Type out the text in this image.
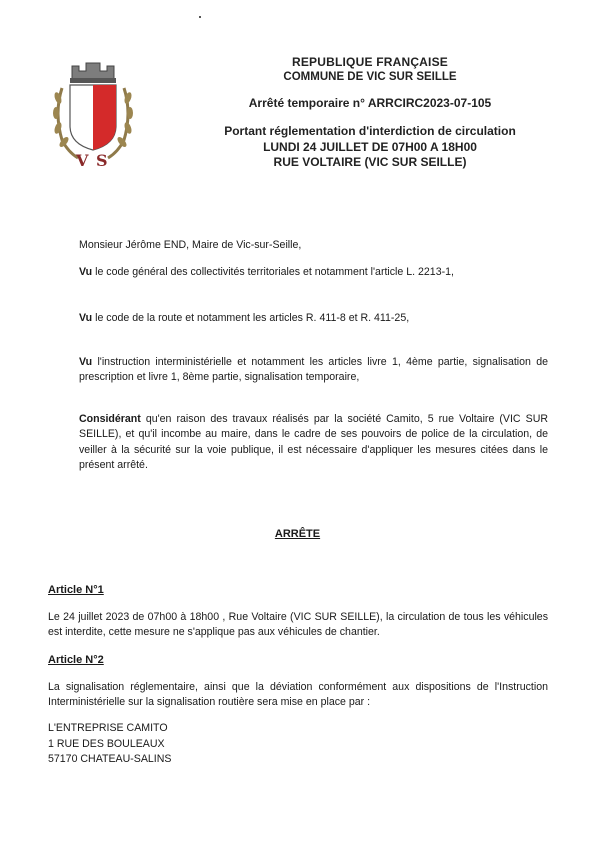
V S
REPUBLIQUE FRANÇAISE
COMMUNE DE VIC SUR SEILLE
Arrêté temporaire n° ARRCIRC2023-07-105
Portant réglementation d'interdiction de circulation
LUNDI 24 JUILLET DE 07H00 A 18H00
RUE VOLTAIRE (VIC SUR SEILLE)
Monsieur Jérôme END, Maire de Vic-sur-Seille,
Vu le code général des collectivités territoriales et notamment l'article L. 2213-1,
Vu le code de la route et notamment les articles R. 411-8 et R. 411-25,
Vu l'instruction interministérielle et notamment les articles livre 1, 4ème partie, signalisation de prescription et livre 1, 8ème partie, signalisation temporaire,
Considérant qu'en raison des travaux réalisés par la société Camito, 5 rue Voltaire (VIC SUR SEILLE), et qu'il incombe au maire, dans le cadre de ses pouvoirs de police de la circulation, de veiller à la sécurité sur la voie publique, il est nécessaire d'appliquer les mesures citées dans le présent arrêté.
ARRÊTE
Article N°1
Le 24 juillet 2023 de 07h00 à 18h00 , Rue Voltaire (VIC SUR SEILLE), la circulation de tous les véhicules est interdite, cette mesure ne s'applique pas aux véhicules de chantier.
Article N°2
La signalisation réglementaire, ainsi que la déviation conformément aux dispositions de l'Instruction Interministérielle sur la signalisation routière sera mise en place par :
L'ENTREPRISE CAMITO
1 RUE DES BOULEAUX
57170 CHATEAU-SALINS
